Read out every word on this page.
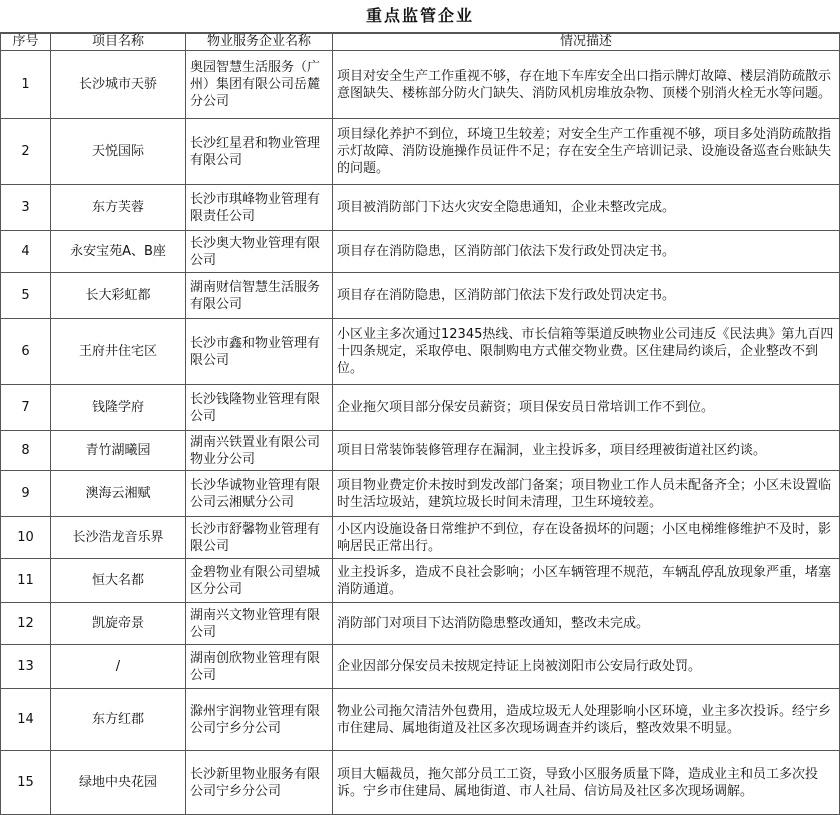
重点监管企业
序号	项目名称	物业服务企业名称	情况描述
1	长沙城市天骄	奥园智慧生活服务（广州）集团有限公司岳麓分公司	项目对安全生产工作重视不够，存在地下车库安全出口指示牌灯故障、楼层消防疏散示意图缺失、楼栋部分防火门缺失、消防风机房堆放杂物、顶楼个别消火栓无水等问题。
2	天悦国际	长沙红星君和物业管理有限公司	项目绿化养护不到位，环境卫生较差；对安全生产工作重视不够，项目多处消防疏散指示灯故障、消防设施操作员证件不足；存在安全生产培训记录、设施设备巡查台账缺失的问题。
3	东方芙蓉	长沙市琪峰物业管理有限责任公司	项目被消防部门下达火灾安全隐患通知，企业未整改完成。
4	永安宝苑A、B座	长沙奥大物业管理有限公司	项目存在消防隐患，区消防部门依法下发行政处罚决定书。
5	长大彩虹都	湖南财信智慧生活服务有限公司	项目存在消防隐患，区消防部门依法下发行政处罚决定书。
6	王府井住宅区	长沙市鑫和物业管理有限公司	小区业主多次通过12345热线、市长信箱等渠道反映物业公司违反《民法典》第九百四十四条规定，采取停电、限制购电方式催交物业费。区住建局约谈后，企业整改不到位。
7	钱隆学府	长沙钱隆物业管理有限公司	企业拖欠项目部分保安员薪资；项目保安员日常培训工作不到位。
8	青竹湖曦园	湖南兴铁置业有限公司物业分公司	项目日常装饰装修管理存在漏洞，业主投诉多，项目经理被街道社区约谈。
9	澳海云湘赋	长沙华诚物业管理有限公司云湘赋分公司	项目物业费定价未按时到发改部门备案；项目物业工作人员未配备齐全；小区未设置临时生活垃圾站，建筑垃圾长时间未清理，卫生环境较差。
10	长沙浩龙音乐界	长沙市舒馨物业管理有限公司	小区内设施设备日常维护不到位，存在设备损坏的问题；小区电梯维修维护不及时，影响居民正常出行。
11	恒大名都	金碧物业有限公司望城区分公司	业主投诉多，造成不良社会影响；小区车辆管理不规范，车辆乱停乱放现象严重，堵塞消防通道。
12	凯旋帝景	湖南兴文物业管理有限公司	消防部门对项目下达消防隐患整改通知，整改未完成。
13	/	湖南创欣物业管理有限公司	企业因部分保安员未按规定持证上岗被浏阳市公安局行政处罚。
14	东方红郡	滁州宇润物业管理有限公司宁乡分公司	物业公司拖欠清洁外包费用，造成垃圾无人处理影响小区环境，业主多次投诉。经宁乡市住建局、属地街道及社区多次现场调查并约谈后，整改效果不明显。
15	绿地中央花园	长沙新里物业服务有限公司宁乡分公司	项目大幅裁员，拖欠部分员工工资，导致小区服务质量下降，造成业主和员工多次投诉。宁乡市住建局、属地街道、市人社局、信访局及社区多次现场调解。
